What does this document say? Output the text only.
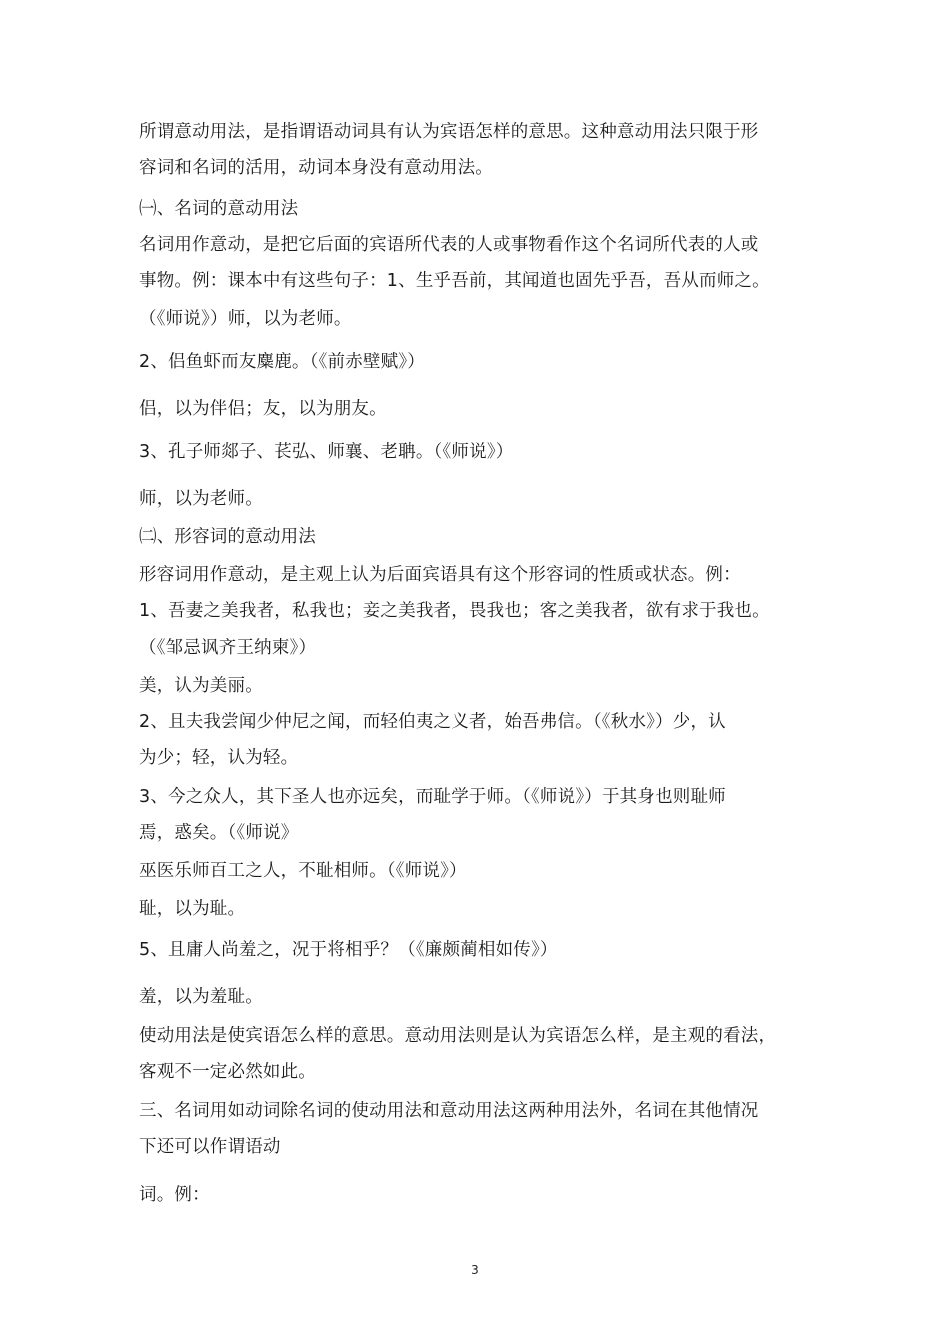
所谓意动用法，是指谓语动词具有认为宾语怎样的意思。这种意动用法只限于形
容词和名词的活用，动词本身没有意动用法。
㈠、名词的意动用法
名词用作意动，是把它后面的宾语所代表的人或事物看作这个名词所代表的人或
事物。例：课本中有这些句子：1、生乎吾前，其闻道也固先乎吾，吾从而师之。
（《师说》）师，以为老师。
2、侣鱼虾而友麋鹿。（《前赤壁赋》）
侣，以为伴侣；友，以为朋友。
3、孔子师郯子、苌弘、师襄、老聃。（《师说》）
师，以为老师。
㈡、形容词的意动用法
形容词用作意动，是主观上认为后面宾语具有这个形容词的性质或状态。例：
1、吾妻之美我者，私我也；妾之美我者，畏我也；客之美我者，欲有求于我也。
（《邹忌讽齐王纳柬》）
美，认为美丽。
2、且夫我尝闻少仲尼之闻，而轻伯夷之义者，始吾弗信。（《秋水》）少，认
为少；轻，认为轻。
3、今之众人，其下圣人也亦远矣，而耻学于师。（《师说》）于其身也则耻师
焉，惑矣。（《师说》
巫医乐师百工之人，不耻相师。（《师说》）
耻，以为耻。
5、且庸人尚羞之，况于将相乎？（《廉颇蔺相如传》）
羞，以为羞耻。
使动用法是使宾语怎么样的意思。意动用法则是认为宾语怎么样，是主观的看法，
客观不一定必然如此。
三、名词用如动词除名词的使动用法和意动用法这两种用法外，名词在其他情况
下还可以作谓语动
词。例：
3
